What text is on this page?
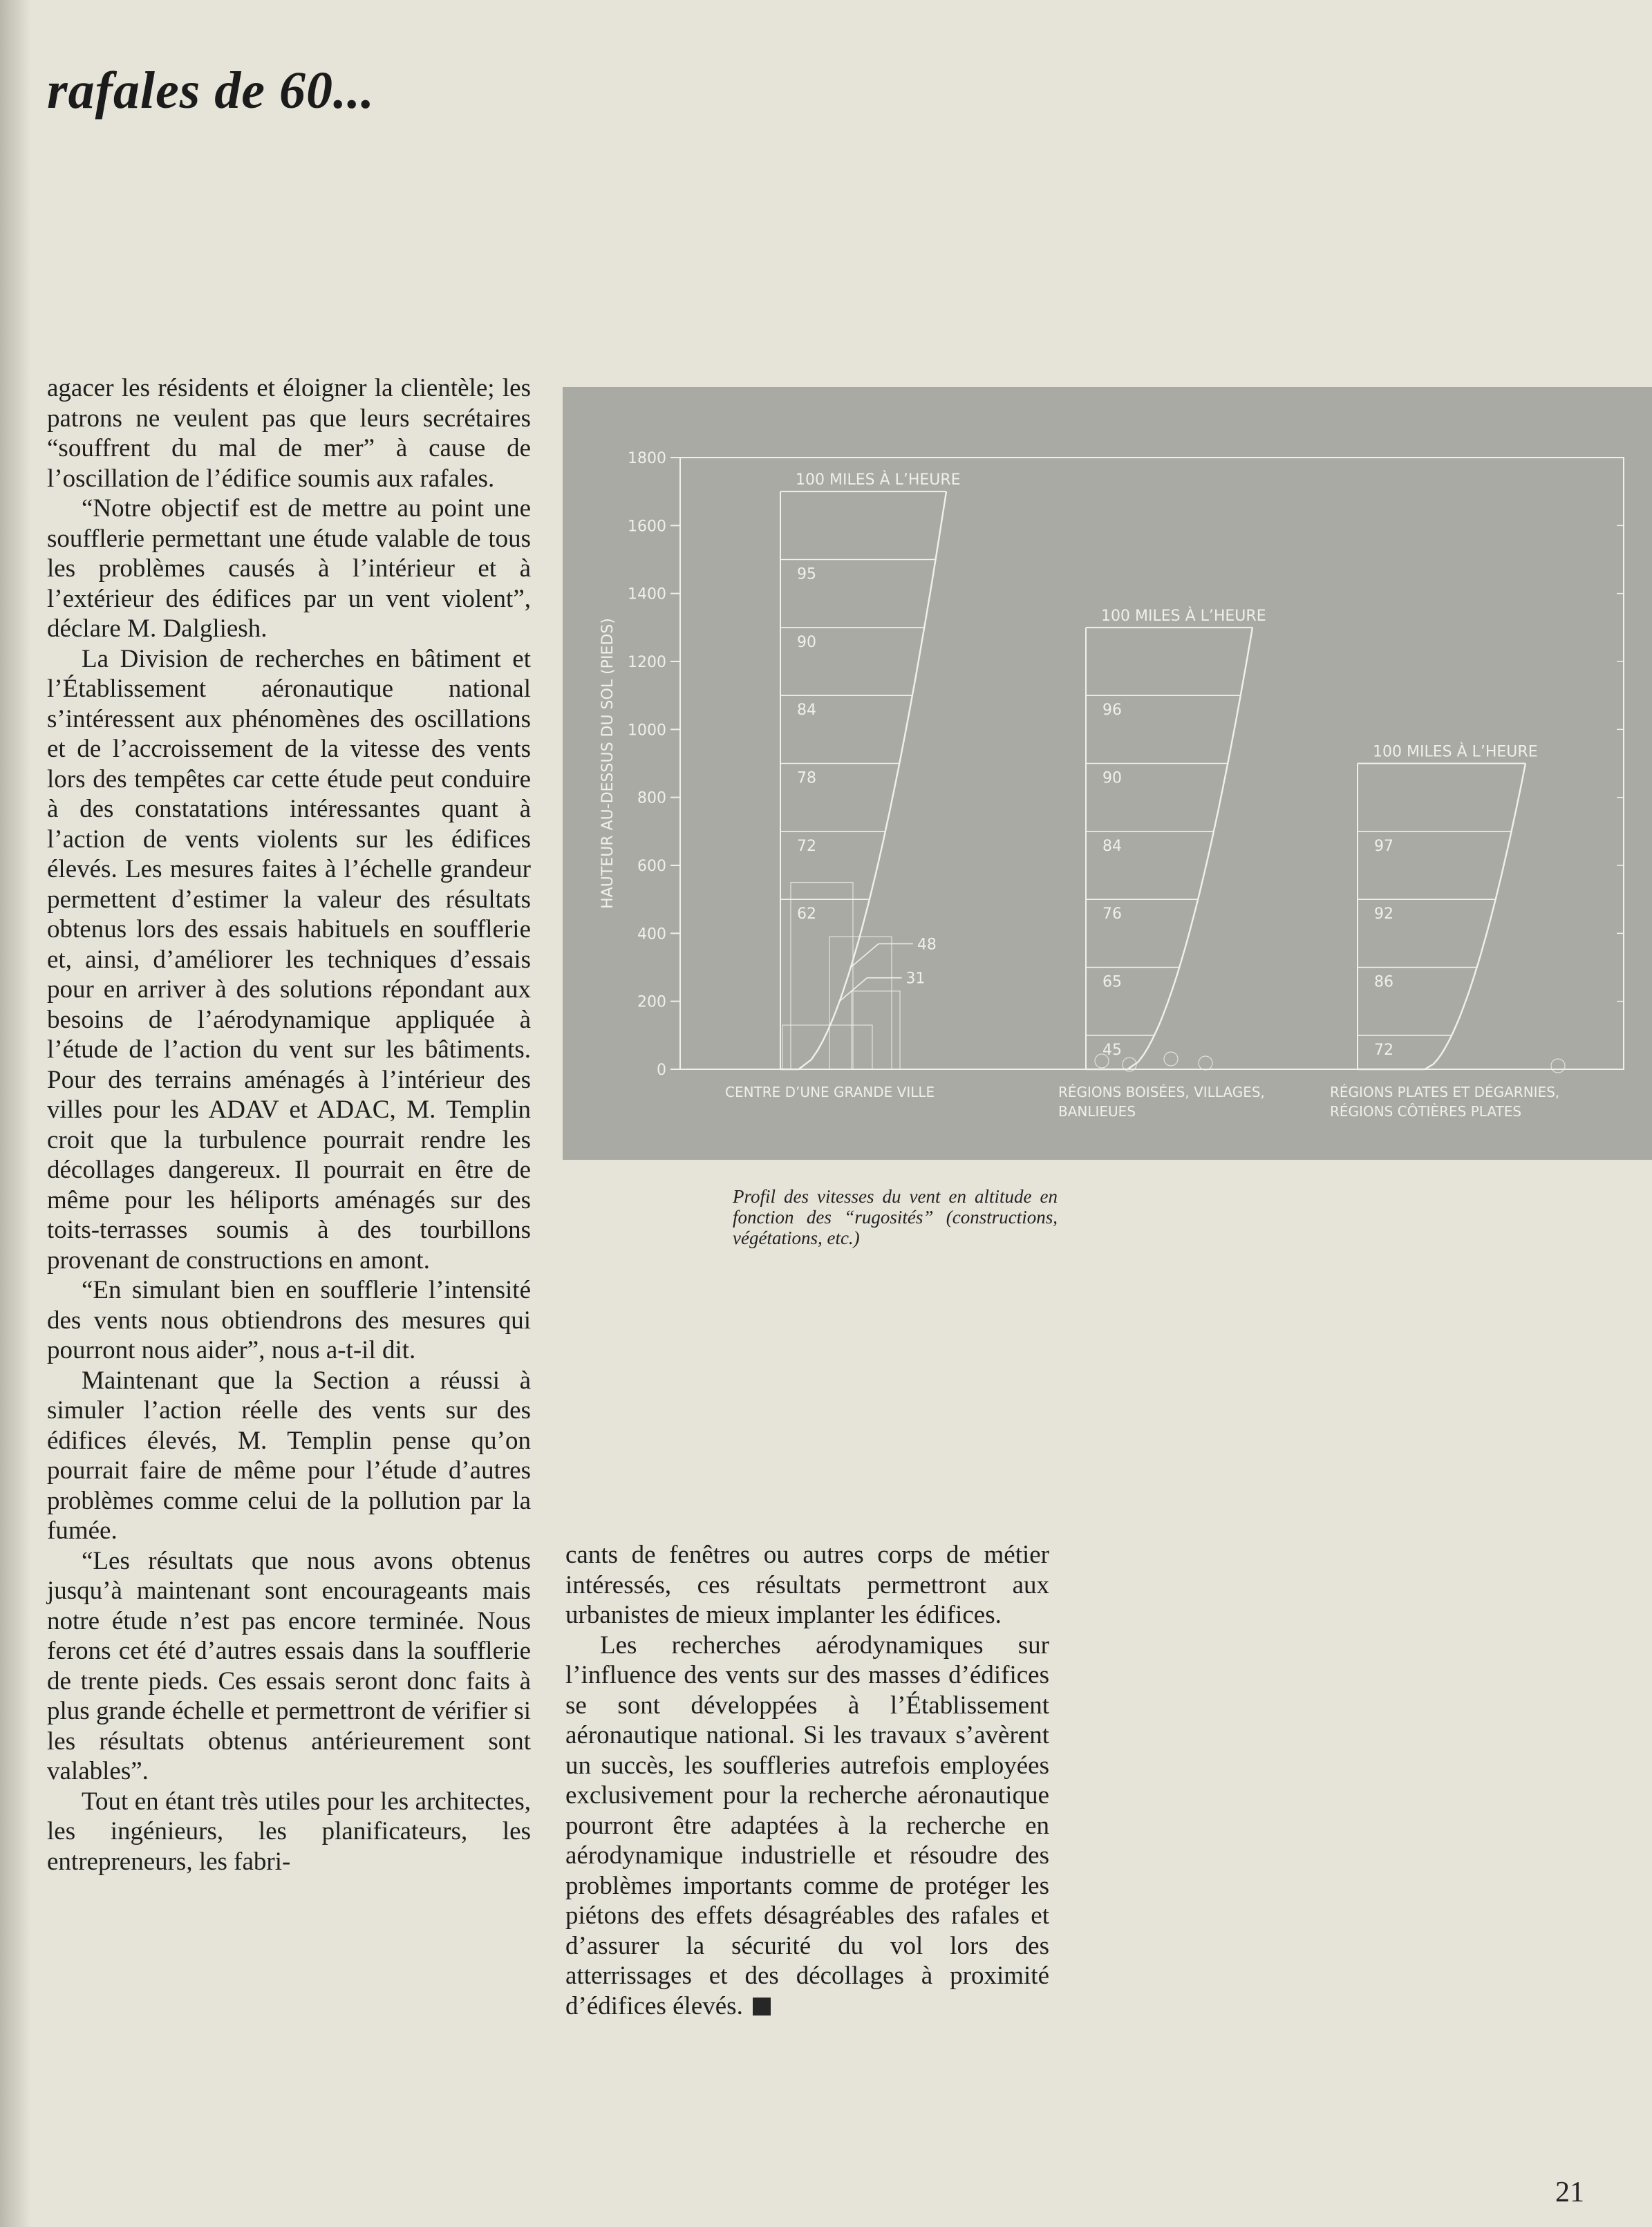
rafales de 60...

agacer les résidents et éloigner la clientèle; les patrons ne veulent pas que leurs secrétaires “souffrent du mal de mer” à cause de l’oscillation de l’édifice soumis aux rafales.

“Notre objectif est de mettre au point une soufflerie permettant une étude valable de tous les problèmes causés à l’intérieur et à l’extérieur des édifices par un vent violent”, déclare M. Dalgliesh.

La Division de recherches en bâtiment et l’Établissement aéronautique national s’intéressent aux phénomènes des oscillations et de l’accroissement de la vitesse des vents lors des tempêtes car cette étude peut conduire à des constatations intéressantes quant à l’action de vents violents sur les édifices élevés. Les mesures faites à l’échelle grandeur permettent d’estimer la valeur des résultats obtenus lors des essais habituels en soufflerie et, ainsi, d’améliorer les techniques d’essais pour en arriver à des solutions répondant aux besoins de l’aérodynamique appliquée à l’étude de l’action du vent sur les bâtiments. Pour des terrains aménagés à l’intérieur des villes pour les ADAV et ADAC, M. Templin croit que la turbulence pourrait rendre les décollages dangereux. Il pourrait en être de même pour les héliports aménagés sur des toits-terrasses soumis à des tourbillons provenant de constructions en amont.

“En simulant bien en soufflerie l’intensité des vents nous obtiendrons des mesures qui pourront nous aider”, nous a-t-il dit.

Maintenant que la Section a réussi à simuler l’action réelle des vents sur des édifices élevés, M. Templin pense qu’on pourrait faire de même pour l’étude d’autres problèmes comme celui de la pollution par la fumée.

“Les résultats que nous avons obtenus jusqu’à maintenant sont encourageants mais notre étude n’est pas encore terminée. Nous ferons cet été d’autres essais dans la soufflerie de trente pieds. Ces essais seront donc faits à plus grande échelle et permettront de vérifier si les résultats obtenus antérieurement sont valables”.

Tout en étant très utiles pour les architectes, les ingénieurs, les planificateurs, les entrepreneurs, les fabri-

cants de fenêtres ou autres corps de métier intéressés, ces résultats permettront aux urbanistes de mieux implanter les édifices.

Les recherches aérodynamiques sur l’influence des vents sur des masses d’édifices se sont développées à l’Établissement aéronautique national. Si les travaux s’avèrent un succès, les souffleries autrefois employées exclusivement pour la recherche aéronautique pourront être adaptées à la recherche en aérodynamique industrielle et résoudre des problèmes importants comme de protéger les piétons des effets désagréables des rafales et d’assurer la sécurité du vol lors des atterrissages et des décollages à proximité d’édifices élevés.

0
200
400
600
800
1000
1200
1400
1600
1800
HAUTEUR AU-DESSUS DU SOL (PIEDS)
95
90
84
78
72
62
100 MILES À L’HEURE
48
31
CENTRE D’UNE GRANDE VILLE
96
90
84
76
65
45
100 MILES À L’HEURE
RÉGIONS BOISÉES, VILLAGES,
BANLIEUES
97
92
86
72
100 MILES À L’HEURE
RÉGIONS PLATES ET DÉGARNIES,
RÉGIONS CÔTIÈRES PLATES
Profil des vitesses du vent en altitude en fonction des “rugosités” (constructions, végétations, etc.)
21
